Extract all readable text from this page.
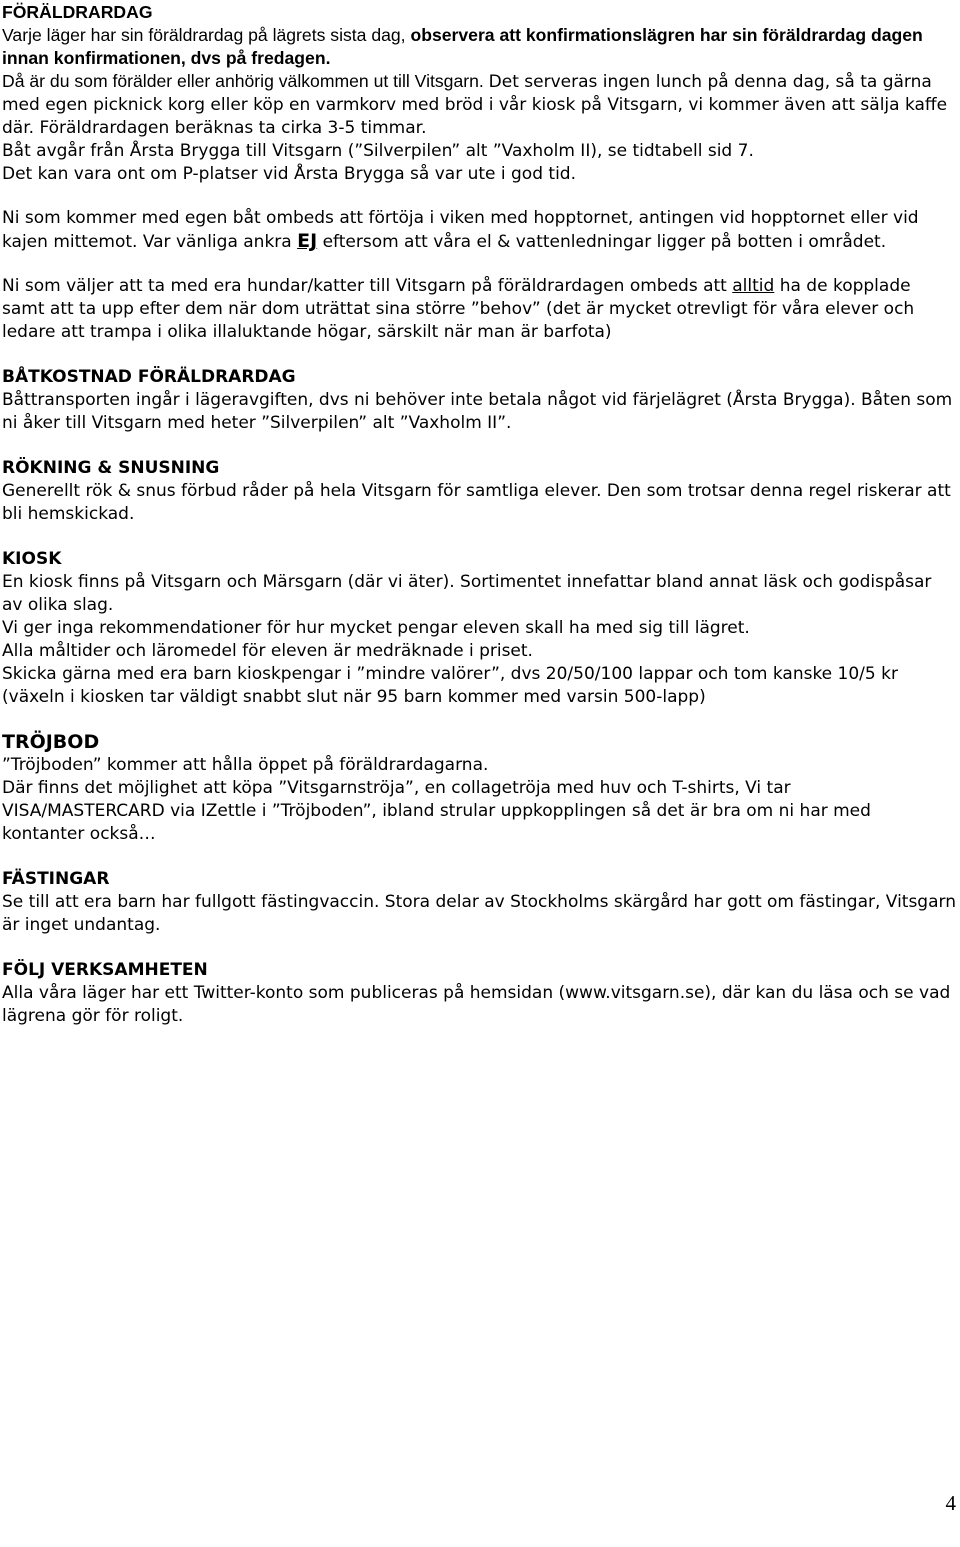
FÖRÄLDRARDAG

Varje läger har sin föräldrardag på lägrets sista dag, observera att konfirmationslägren har sin föräldrardag dagen innan konfirmationen, dvs på fredagen.

Då är du som förälder eller anhörig välkommen ut till Vitsgarn. Det serveras ingen lunch på denna dag, så ta gärna med egen picknick korg eller köp en varmkorv med bröd i vår kiosk på Vitsgarn, vi kommer även att sälja kaffe där. Föräldrardagen beräknas ta cirka 3-5 timmar.

Båt avgår från Årsta Brygga till Vitsgarn (”Silverpilen” alt ”Vaxholm II), se tidtabell sid 7.

Det kan vara ont om P-platser vid Årsta Brygga så var ute i god tid.

Ni som kommer med egen båt ombeds att förtöja i viken med hopptornet, antingen vid hopptornet eller vid kajen mittemot. Var vänliga ankra EJ eftersom att våra el & vattenledningar ligger på botten i området.

Ni som väljer att ta med era hundar/katter till Vitsgarn på föräldrardagen ombeds att alltid ha de kopplade samt att ta upp efter dem när dom uträttat sina större ”behov” (det är mycket otrevligt för våra elever och ledare att trampa i olika illaluktande högar, särskilt när man är barfota)

BÅTKOSTNAD FÖRÄLDRARDAG

Båttransporten ingår i lägeravgiften, dvs ni behöver inte betala något vid färjelägret (Årsta Brygga). Båten som ni åker till Vitsgarn med heter ”Silverpilen” alt ”Vaxholm II”.

RÖKNING & SNUSNING

Generellt rök & snus förbud råder på hela Vitsgarn för samtliga elever. Den som trotsar denna regel riskerar att bli hemskickad.

KIOSK

En kiosk finns på Vitsgarn och Märsgarn (där vi äter). Sortimentet innefattar bland annat läsk och godispåsar av olika slag.

Vi ger inga rekommendationer för hur mycket pengar eleven skall ha med sig till lägret.

Alla måltider och läromedel för eleven är medräknade i priset.

Skicka gärna med era barn kioskpengar i ”mindre valörer”, dvs 20/50/100 lappar och tom kanske 10/5 kr (växeln i kiosken tar väldigt snabbt slut när 95 barn kommer med varsin 500-lapp)

TRÖJBOD

”Tröjboden” kommer att hålla öppet på föräldrardagarna.

Där finns det möjlighet att köpa ”Vitsgarnströja”, en collagetröja med huv och T-shirts, Vi tar VISA/MASTERCARD via IZettle i ”Tröjboden”, ibland strular uppkopplingen så det är bra om ni har med kontanter också…

FÄSTINGAR

Se till att era barn har fullgott fästingvaccin. Stora delar av Stockholms skärgård har gott om fästingar, Vitsgarn är inget undantag.

FÖLJ VERKSAMHETEN

Alla våra läger har ett Twitter-konto som publiceras på hemsidan (www.vitsgarn.se), där kan du läsa och se vad lägrena gör för roligt.

4
